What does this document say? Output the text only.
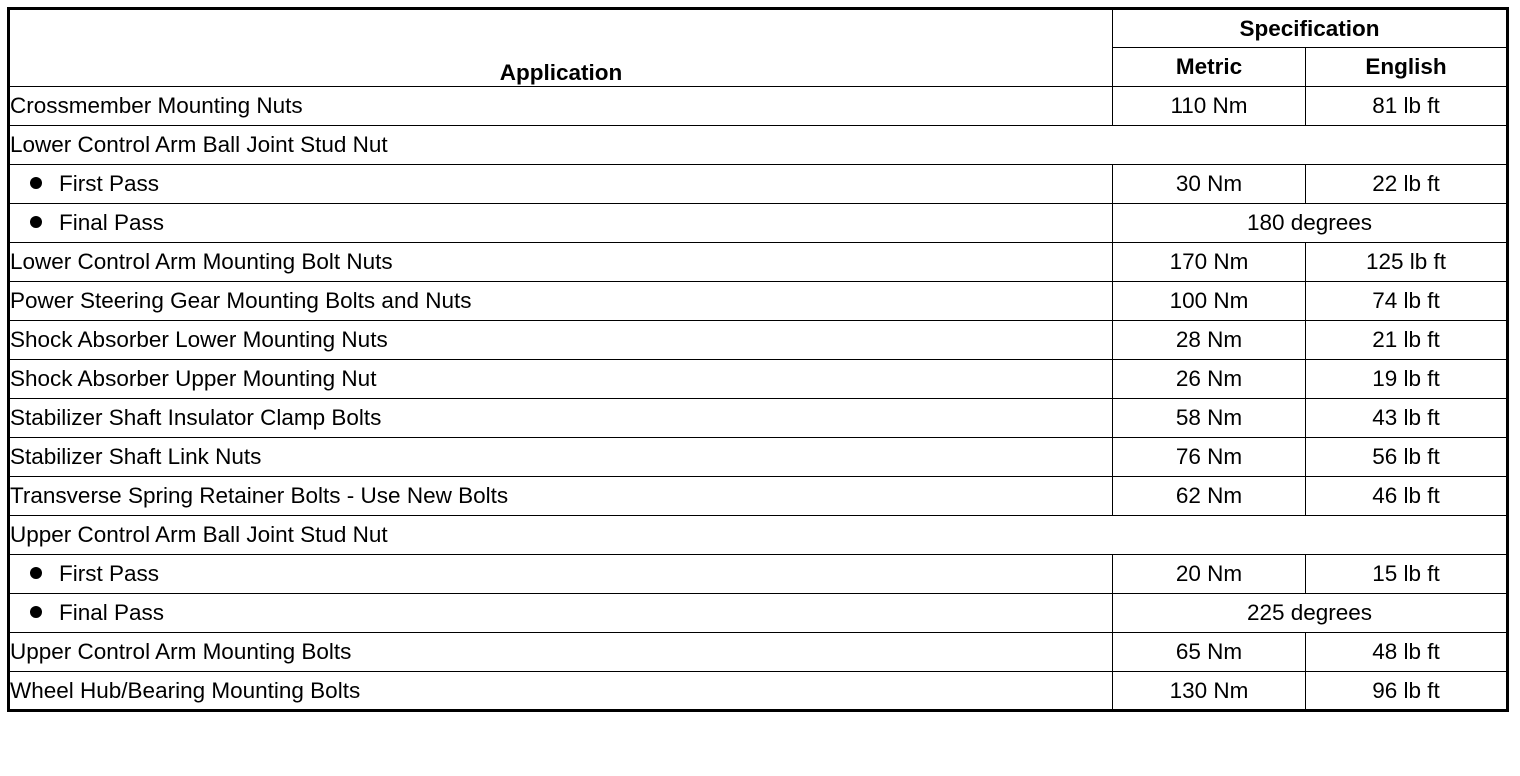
Application	Specification	
	Metric	English
Crossmember Mounting Nuts	110 Nm	81 lb ft
Lower Control Arm Ball Joint Stud Nut		
First Pass	30 Nm	22 lb ft
Final Pass	180 degrees	
Lower Control Arm Mounting Bolt Nuts	170 Nm	125 lb ft
Power Steering Gear Mounting Bolts and Nuts	100 Nm	74 lb ft
Shock Absorber Lower Mounting Nuts	28 Nm	21 lb ft
Shock Absorber Upper Mounting Nut	26 Nm	19 lb ft
Stabilizer Shaft Insulator Clamp Bolts	58 Nm	43 lb ft
Stabilizer Shaft Link Nuts	76 Nm	56 lb ft
Transverse Spring Retainer Bolts - Use New Bolts	62 Nm	46 lb ft
Upper Control Arm Ball Joint Stud Nut		
First Pass	20 Nm	15 lb ft
Final Pass	225 degrees	
Upper Control Arm Mounting Bolts	65 Nm	48 lb ft
Wheel Hub/Bearing Mounting Bolts	130 Nm	96 lb ft
